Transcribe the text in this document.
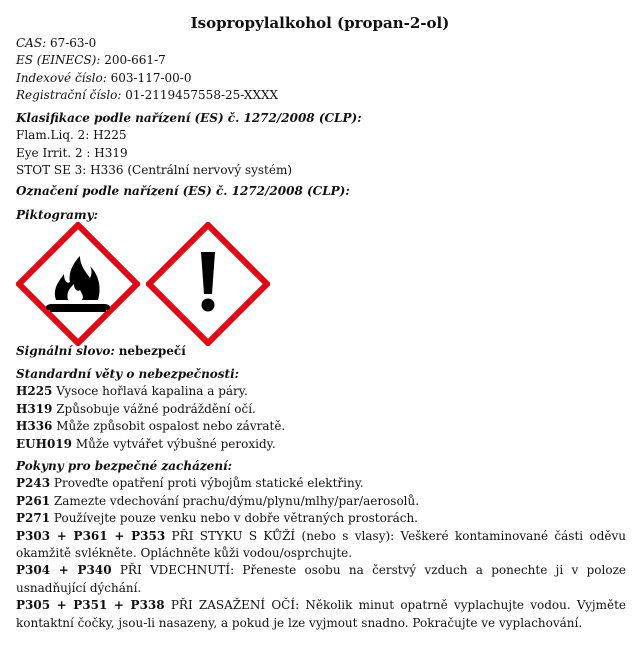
Isopropylalkohol (propan-2-ol)
CAS: 67-63-0
ES (EINECS): 200-661-7
Indexové číslo: 603-117-00-0
Registrační číslo: 01-2119457558-25-XXXX
Klasifikace podle nařízení (ES) č. 1272/2008 (CLP):
Flam.Liq. 2: H225
Eye Irrit. 2 : H319
STOT SE 3: H336 (Centrální nervový systém)
Označení podle nařízení (ES) č. 1272/2008 (CLP):
Piktogramy:
Signální slovo: nebezpečí
Standardní věty o nebezpečnosti:
H225 Vysoce hořlavá kapalina a páry.
H319 Způsobuje vážné podráždění očí.
H336 Může způsobit ospalost nebo závratě.
EUH019 Může vytvářet výbušné peroxidy.
Pokyny pro bezpečné zacházení:
P243 Proveďte opatření proti výbojům statické elektřiny.
P261 Zamezte vdechování prachu/dýmu/plynu/mlhy/par/aerosolů.
P271 Používejte pouze venku nebo v dobře větraných prostorách.
P303 + P361 + P353 PŘI STYKU S KŮŽÍ (nebo s vlasy): Veškeré kontaminované části oděvu okamžitě svlékněte. Opláchněte kůži vodou/osprchujte.
P304 + P340 PŘI VDECHNUTÍ: Přeneste osobu na čerstvý vzduch a ponechte ji v poloze usnadňující dýchání.
P305 + P351 + P338 PŘI ZASAŽENÍ OČÍ: Několik minut opatrně vyplachujte vodou. Vyjměte kontaktní čočky, jsou-li nasazeny, a pokud je lze vyjmout snadno. Pokračujte ve vyplachování.
